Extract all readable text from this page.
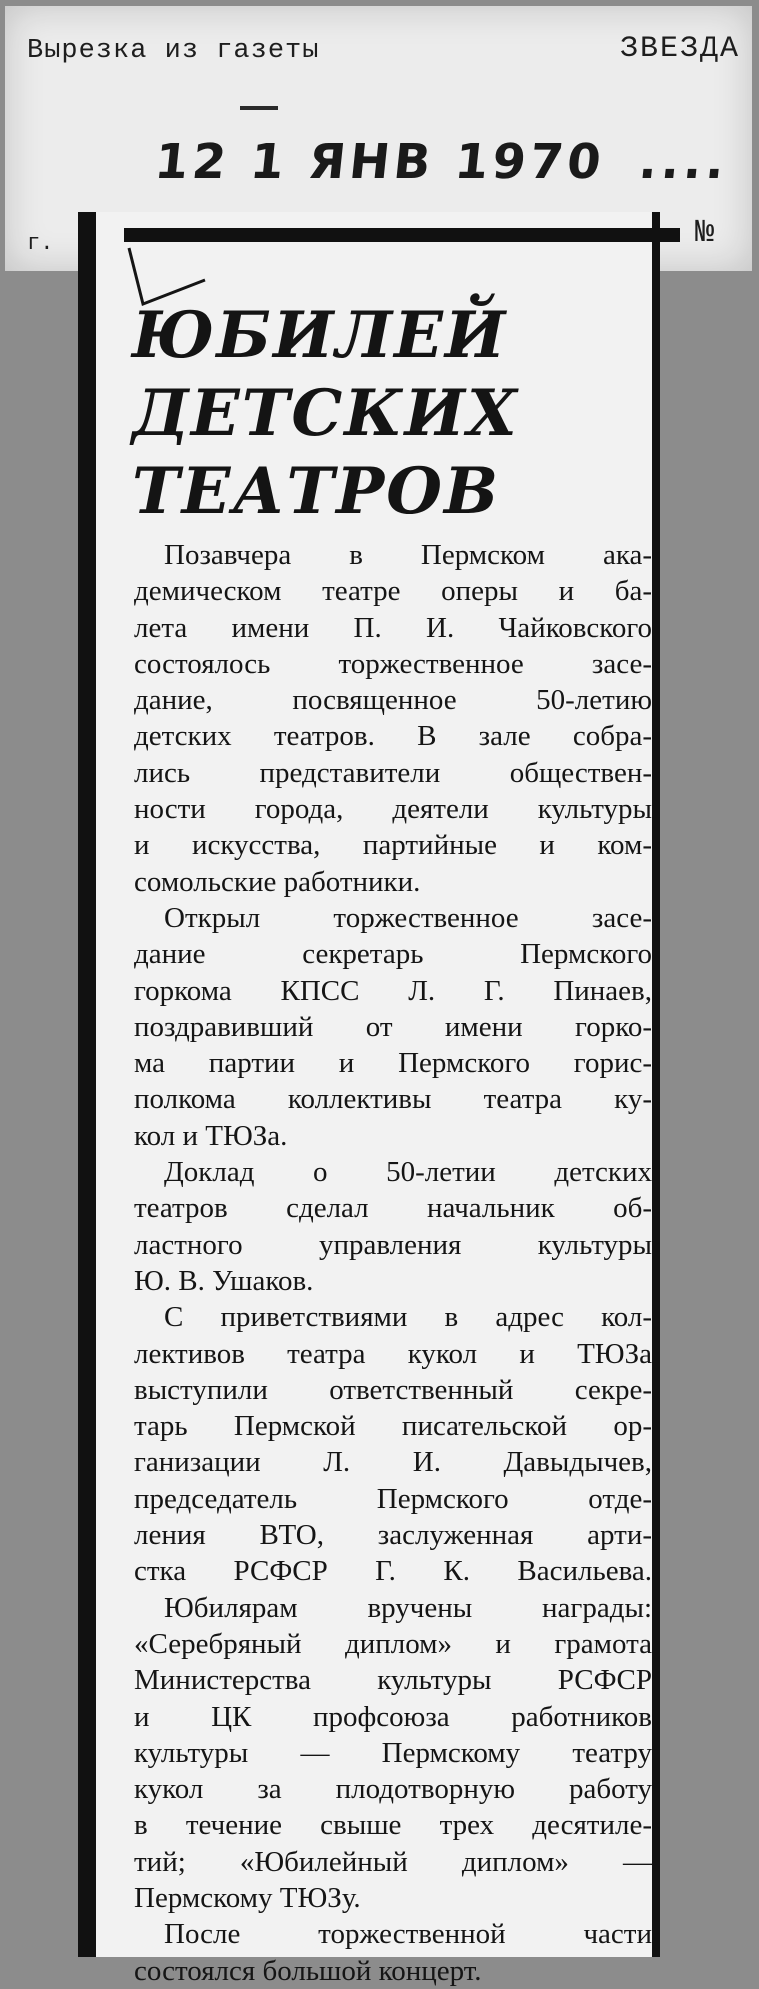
Вырезка из газеты	ЗВЕЗДА
12 1 ЯНВ 1970 ....
г.	№
ЮБИЛЕЙ
ДЕТСКИХ
ТЕАТРОВ
Позавчера в Пермском ака-
демическом театре оперы и ба-
лета имени П. И. Чайковского
состоялось торжественное засе-
дание, посвященное 50-летию
детских театров. В зале собра-
лись представители обществен-
ности города, деятели культуры
и искусства, партийные и ком-
сомольские работники.
Открыл торжественное засе-
дание секретарь Пермского
горкома КПСС Л. Г. Пинаев,
поздравивший от имени горко-
ма партии и Пермского горис-
полкома коллективы театра ку-
кол и ТЮЗа.
Доклад о 50-летии детских
театров сделал начальник об-
ластного управления культуры
Ю. В. Ушаков.
С приветствиями в адрес кол-
лективов театра кукол и ТЮЗа
выступили ответственный секре-
тарь Пермской писательской ор-
ганизации Л. И. Давыдычев,
председатель Пермского отде-
ления ВТО, заслуженная арти-
стка РСФСР Г. К. Васильева.
Юбилярам вручены награды:
«Серебряный диплом» и грамота
Министерства культуры РСФСР
и ЦК профсоюза работников
культуры — Пермскому театру
кукол за плодотворную работу
в течение свыше трех десятиле-
тий; «Юбилейный диплом» —
Пермскому ТЮЗу.
После торжественной части
состоялся большой концерт.
